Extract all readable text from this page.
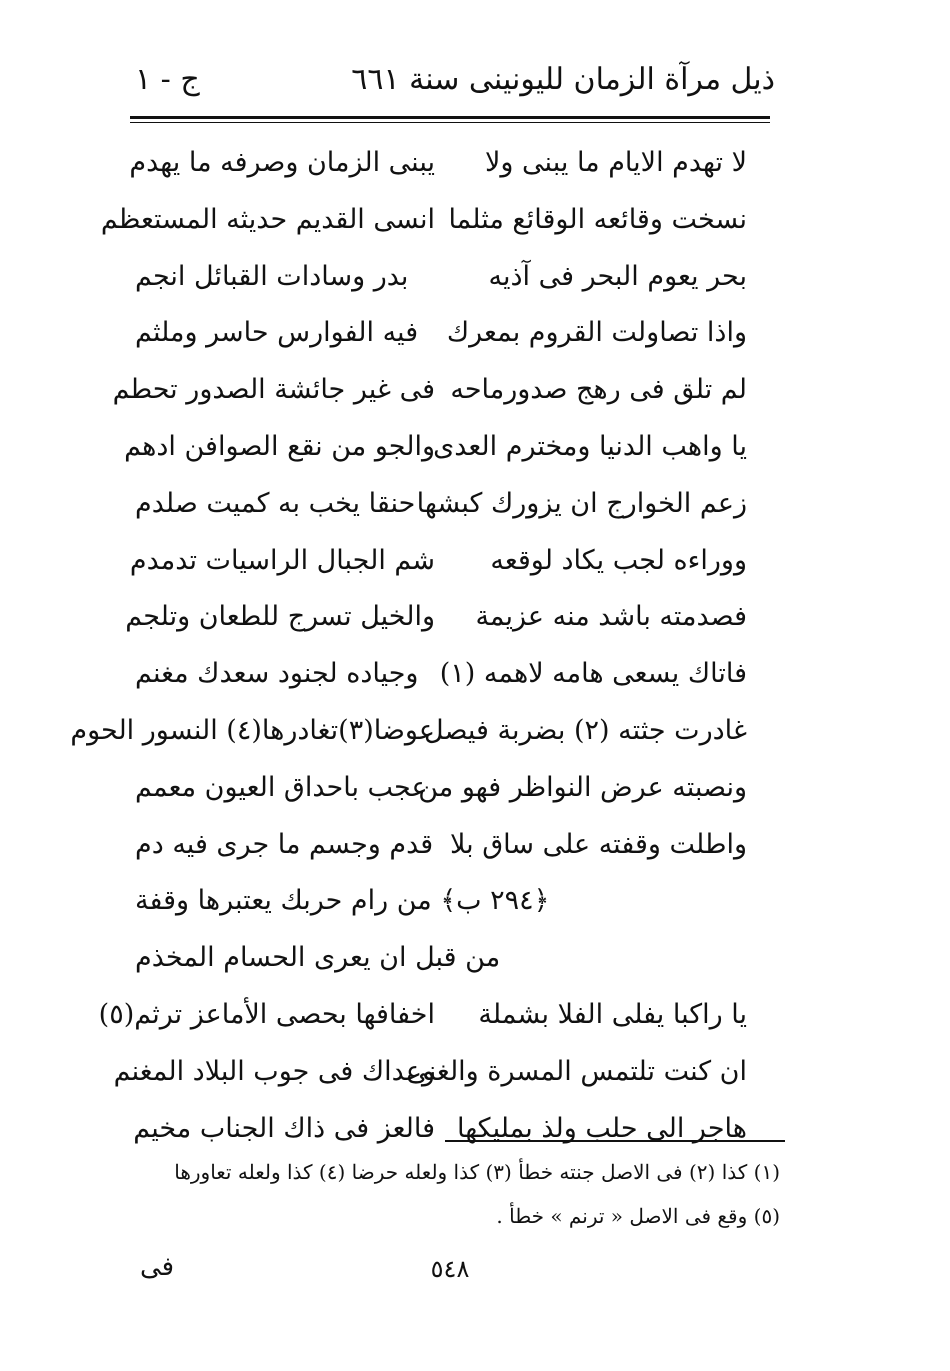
ذيل مرآة الزمان لليونينى سنة ٦٦١
ج - ١
لا تهدم الايام ما يبنى ولا
يبنى الزمان وصرفه ما يهدم
نسخت وقائعه الوقائع مثلما
انسى القديم حديثه المستعظم
بحر يعوم البحر فى آذيه
بدر وسادات القبائل انجم
واذا تصاولت القروم بمعرك
فيه الفوارس حاسر وملثم
لم تلق فى رهج صدورماحه
فى غير جائشة الصدور تحطم
يا واهب الدنيا ومخترم العدى
والجو من نقع الصوافن ادهم
زعم الخوارج ان يزورك كبشها
حنقا يخب به كميت صلدم
ووراءه لجب يكاد لوقعه
شم الجبال الراسيات تدمدم
فصدمته باشد منه عزيمة
والخيل تسرج للطعان وتلجم
فاتاك يسعى هامه لاهمه (١)
وجياده لجنود سعدك مغنم
غادرت جثته (٢) بضربة فيصل
عوضا(٣)تغادرها(٤) النسور الحوم
ونصبته عرض النواظر فهو من
عجب باحداق العيون معمم
واطلت وقفته على ساق بلا
قدم وجسم ما جرى فيه دم
﴿٢٩٤ ب﴾ من رام حربك يعتبرها وقفة
من قبل ان يعرى الحسام المخذم
يا راكبا يفلى الفلا بشملة
اخفافها بحصى الأماعز ترثم(٥)
ان كنت تلتمس المسرة والغنى
وعداك فى جوب البلاد المغنم
هاجر الى حلب ولذ بمليكها
فالعز فى ذاك الجناب مخيم
(١) كذا (٢) فى الاصل جنته خطأ (٣) كذا ولعله حرضا (٤) كذا ولعله تعاورها
(٥) وقع فى الاصل « ترنم » خطأ .
٥٤٨
فى
